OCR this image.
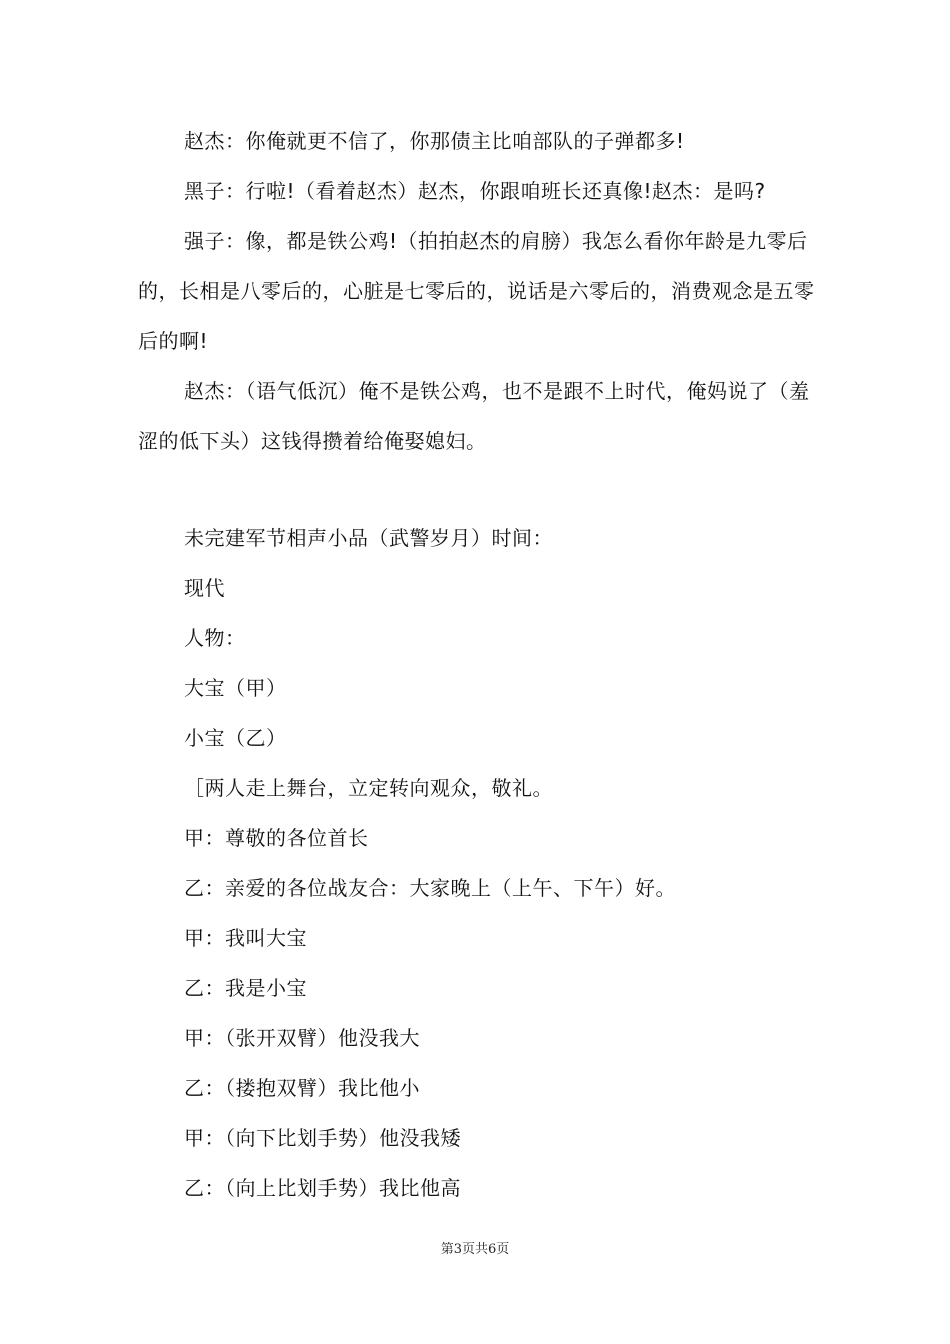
赵杰：你俺就更不信了，你那债主比咱部队的子弹都多!

黑子：行啦!（看着赵杰）赵杰，你跟咱班长还真像!赵杰：是吗?

强子：像，都是铁公鸡!（拍拍赵杰的肩膀）我怎么看你年龄是九零后的，长相是八零后的，心脏是七零后的，说话是六零后的，消费观念是五零后的啊!

赵杰：（语气低沉）俺不是铁公鸡，也不是跟不上时代，俺妈说了（羞涩的低下头）这钱得攒着给俺娶媳妇。

未完建军节相声小品（武警岁月）时间：

现代

人物：

大宝（甲）

小宝（乙）

［两人走上舞台，立定转向观众，敬礼。

甲：尊敬的各位首长

乙：亲爱的各位战友合：大家晚上（上午、下午）好。

甲：我叫大宝

乙：我是小宝

甲：（张开双臂）他没我大

乙：（搂抱双臂）我比他小

甲：（向下比划手势）他没我矮

乙：（向上比划手势）我比他高

第3页共6页
